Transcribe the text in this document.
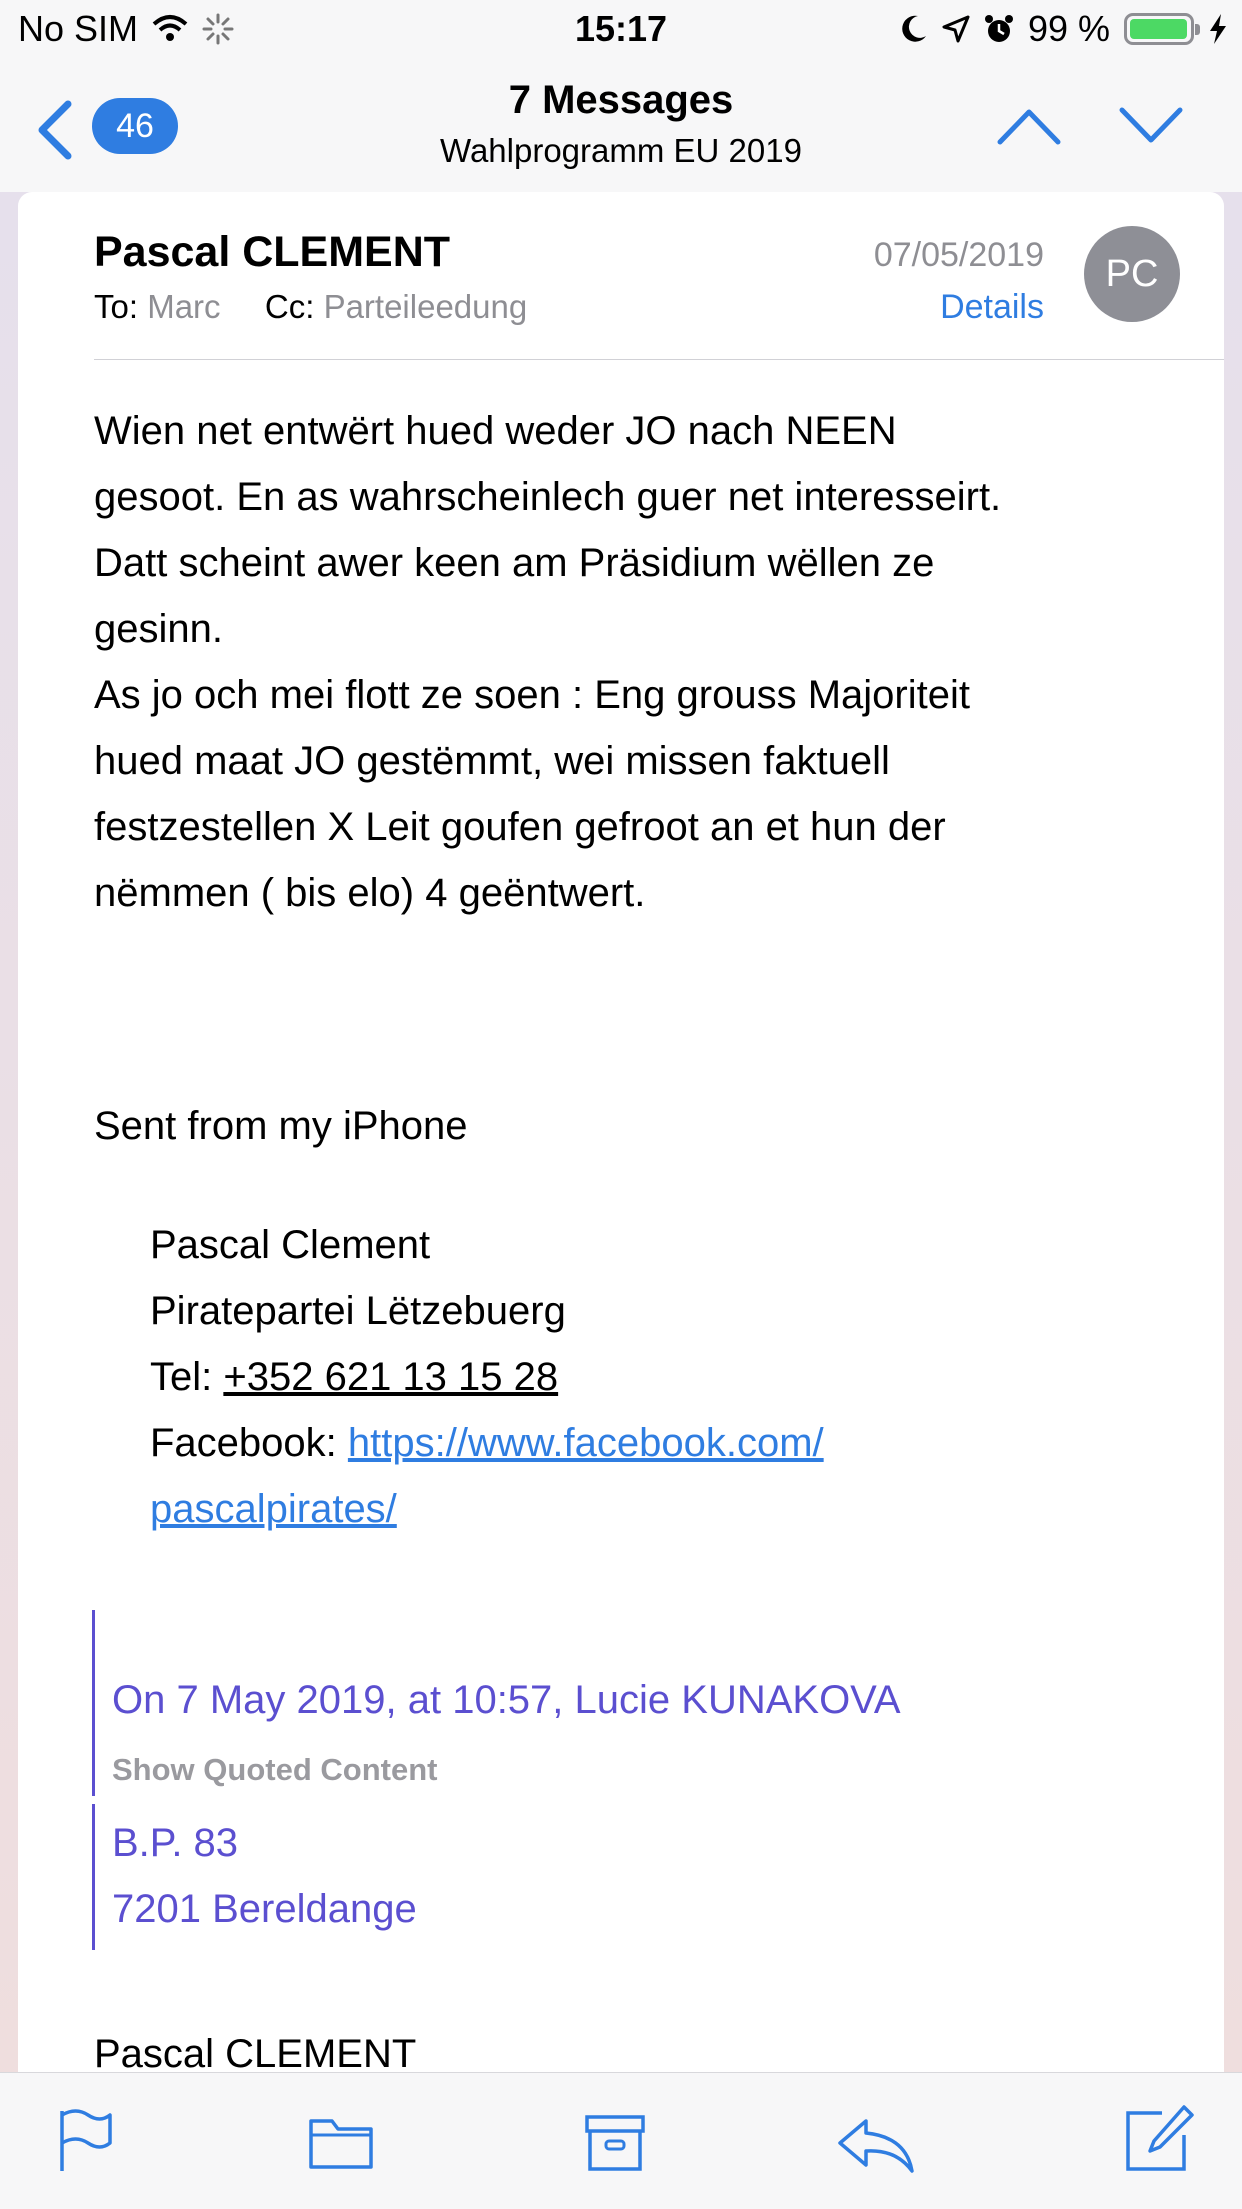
No SIM	15:17	99 %
46
7 Messages
Wahlprogramm EU 2019
Pascal CLEMENT
To: Marc Cc: Parteileedung
07/05/2019
Details
PC
Wien net entwërt hued weder JO nach NEEN
gesoot. En as wahrscheinlech guer net interesseirt.
Datt scheint awer keen am Präsidium wëllen ze
gesinn.
As jo och mei flott ze soen : Eng grouss Majoriteit
hued maat JO gestëmmt, wei missen faktuell
festzestellen X Leit goufen gefroot an et hun der
nëmmen ( bis elo) 4 geëntwert.
Sent from my iPhone
Pascal Clement
Piratepartei Lëtzebuerg
Tel: +352 621 13 15 28
Facebook: https://www.facebook.com/
pascalpirates/
On 7 May 2019, at 10:57, Lucie KUNAKOVA
Show Quoted Content
B.P. 83
7201 Bereldange
Pascal CLEMENT
